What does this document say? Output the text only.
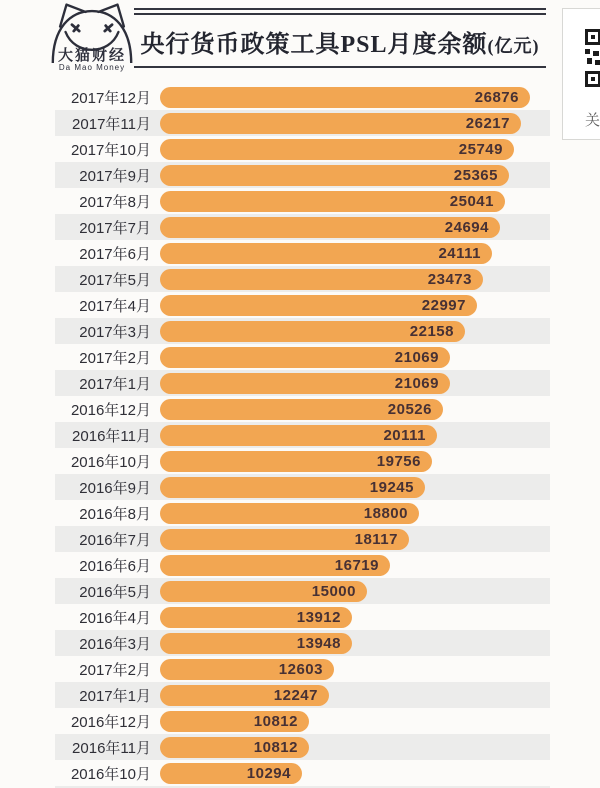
大猫财经
Da Mao Money
央行货币政策工具PSL月度余额(亿元)
2017年12月	26876
2017年11月	26217
2017年10月	25749
2017年9月	25365
2017年8月	25041
2017年7月	24694
2017年6月	24111
2017年5月	23473
2017年4月	22997
2017年3月	22158
2017年2月	21069
2017年1月	21069
2016年12月	20526
2016年11月	20111
2016年10月	19756
2016年9月	19245
2016年8月	18800
2016年7月	18117
2016年6月	16719
2016年5月	15000
2016年4月	13912
2016年3月	13948
2017年2月	12603
2017年1月	12247
2016年12月	10812
2016年11月	10812
2016年10月	10294
关
